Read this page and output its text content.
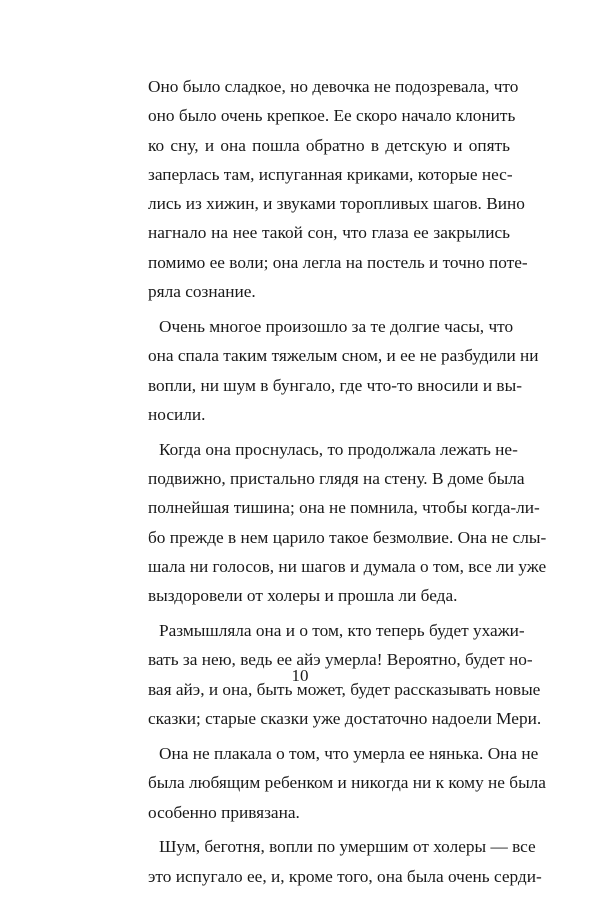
Оно было сладкое, но девочка не подозревала, что
оно было очень крепкое. Ее скоро начало клонить
ко сну, и она пошла обратно в детскую и опять
заперлась там, испуганная криками, которые нес-
лись из хижин, и звуками торопливых шагов. Вино
нагнало на нее такой сон, что глаза ее закрылись
помимо ее воли; она легла на постель и точно поте-
ряла сознание.

Очень многое произошло за те долгие часы, что
она спала таким тяжелым сном, и ее не разбудили ни
вопли, ни шум в бунгало, где что-то вносили и вы-
носили.

Когда она проснулась, то продолжала лежать не-
подвижно, пристально глядя на стену. В доме была
полнейшая тишина; она не помнила, чтобы когда-ли-
бо прежде в нем царило такое безмолвие. Она не слы-
шала ни голосов, ни шагов и думала о том, все ли уже
выздоровели от холеры и прошла ли беда.

Размышляла она и о том, кто теперь будет ухажи-
вать за нею, ведь ее айэ умерла! Вероятно, будет но-
вая айэ, и она, быть может, будет рассказывать новые
сказки; старые сказки уже достаточно надоели Мери.

Она не плакала о том, что умерла ее нянька. Она не
была любящим ребенком и никогда ни к кому не была
особенно привязана.

Шум, беготня, вопли по умершим от холеры — все
это испугало ее, и, кроме того, она была очень серди-

10
